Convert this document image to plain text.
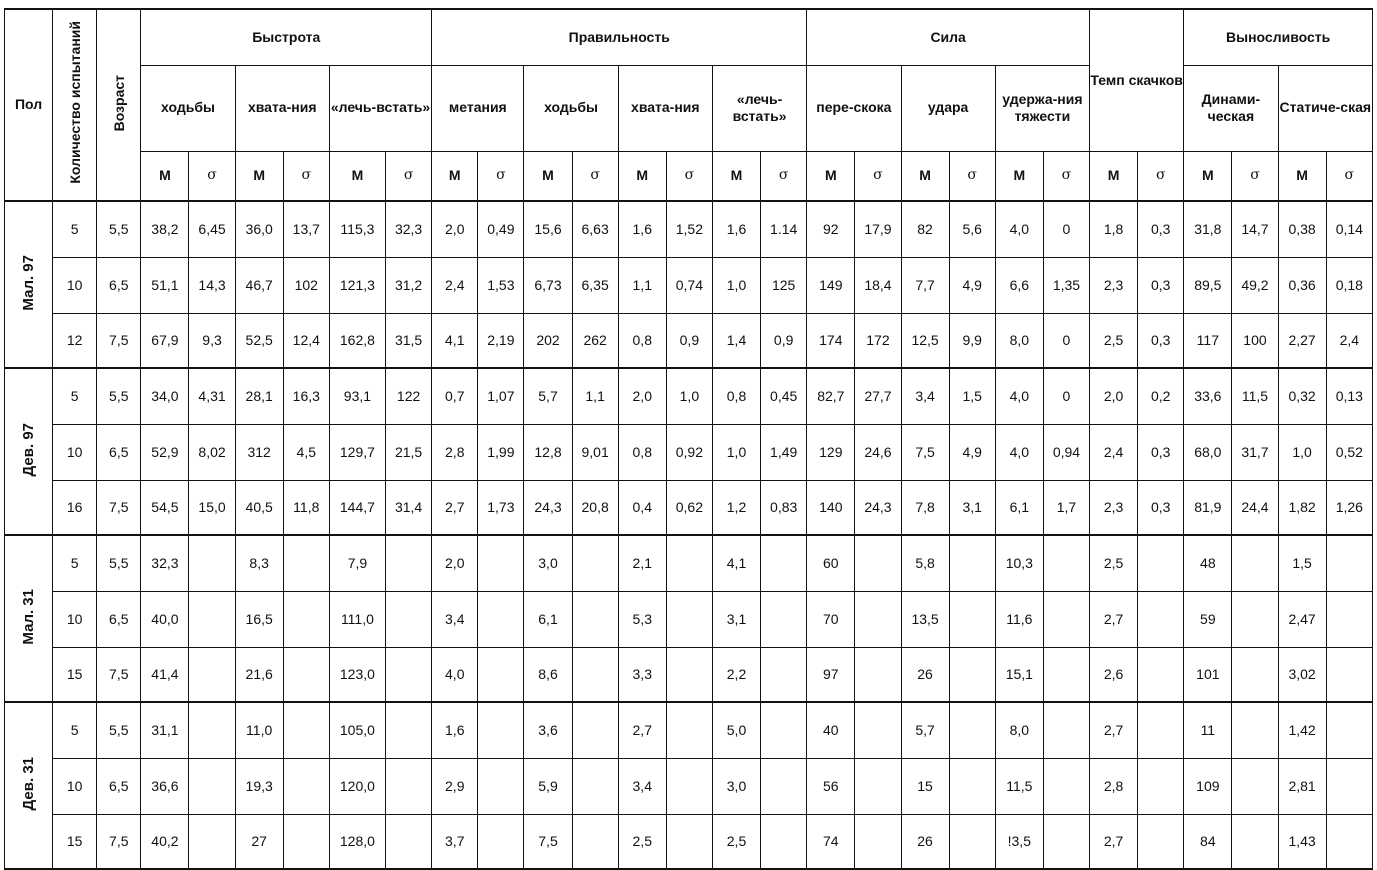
Пол	Количество испытаний	Возраст	Быстрота						Правильность								Сила						Темп скачков		Выносливость			
			ходьбы		хвата-ния		«лечь-встать»		метания		ходьбы		хвата-ния		«лечь-встать»		пере-скока		удара		удержа-ния тяжести				Динами-ческая		Статиче-ская	
			М	σ	М	σ	М	σ	М	σ	М	σ	М	σ	М	σ	М	σ	М	σ	М	σ	М	σ	М	σ	М	σ
Мал. 97	5	5,5	38,2	6,45	36,0	13,7	115,3	32,3	2,0	0,49	15,6	6,63	1,6	1,52	1,6	1.14	92	17,9	82	5,6	4,0	0	1,8	0,3	31,8	14,7	0,38	0,14
	10	6,5	51,1	14,3	46,7	102	121,3	31,2	2,4	1,53	6,73	6,35	1,1	0,74	1,0	125	149	18,4	7,7	4,9	6,6	1,35	2,3	0,3	89,5	49,2	0,36	0,18
	12	7,5	67,9	9,3	52,5	12,4	162,8	31,5	4,1	2,19	202	262	0,8	0,9	1,4	0,9	174	172	12,5	9,9	8,0	0	2,5	0,3	117	100	2,27	2,4
Дев. 97	5	5,5	34,0	4,31	28,1	16,3	93,1	122	0,7	1,07	5,7	1,1	2,0	1,0	0,8	0,45	82,7	27,7	3,4	1,5	4,0	0	2,0	0,2	33,6	11,5	0,32	0,13
	10	6,5	52,9	8,02	312	4,5	129,7	21,5	2,8	1,99	12,8	9,01	0,8	0,92	1,0	1,49	129	24,6	7,5	4,9	4,0	0,94	2,4	0,3	68,0	31,7	1,0	0,52
	16	7,5	54,5	15,0	40,5	11,8	144,7	31,4	2,7	1,73	24,3	20,8	0,4	0,62	1,2	0,83	140	24,3	7,8	3,1	6,1	1,7	2,3	0,3	81,9	24,4	1,82	1,26
Мал. 31	5	5,5	32,3		8,3		7,9		2,0		3,0		2,1		4,1		60		5,8		10,3		2,5		48		1,5	
	10	6,5	40,0		16,5		111,0		3,4		6,1		5,3		3,1		70		13,5		11,6		2,7		59		2,47	
	15	7,5	41,4		21,6		123,0		4,0		8,6		3,3		2,2		97		26		15,1		2,6		101		3,02	
Дев. 31	5	5,5	31,1		11,0		105,0		1,6		3,6		2,7		5,0		40		5,7		8,0		2,7		11		1,42	
	10	6,5	36,6		19,3		120,0		2,9		5,9		3,4		3,0		56		15		11,5		2,8		109		2,81	
	15	7,5	40,2		27		128,0		3,7		7,5		2,5		2,5		74		26		!3,5		2,7		84		1,43	
